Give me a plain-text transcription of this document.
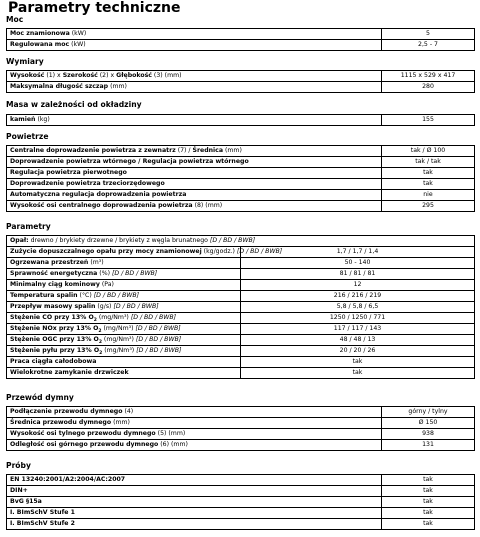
Parametry techniczne
Moc
Moc znamionowa (kW)	5
Regulowana moc (kW)	2,5 - 7
Wymiary
Wysokość (1) x Szerokość (2) x Głębokość (3) (mm)	1115 x 529 x 417
Maksymalna długość szczap (mm)	280
Masa w zależności od okładziny
kamień (kg)	155
Powietrze
Centralne doprowadzenie powietrza z zewnatrz (7) / Średnica (mm)	tak / Ø 100
Doprowadzenie powietrza wtórnego / Regulacja powietrza wtórnego	tak / tak
Regulacja powietrza pierwotnego	tak
Doprowadzenie powietrza trzeciorzędowego	tak
Automatyczna regulacja doprowadzenia powietrza	nie
Wysokość osi centralnego doprowadzenia powietrza (8) (mm)	295
Parametry
Opał: drewno / brykiety drzewne / brykiety z węgla brunatnego [D / BD / BWB]	
Zużycie dopuszczalnego opału przy mocy znamionowej (kg/godz.) [D / BD / BWB]	1,7 / 1,7 / 1,4
Ogrzewana przestrzeń (m³)	50 - 140
Sprawność energetyczna (%) [D / BD / BWB]	81 / 81 / 81
Minimalny ciąg kominowy (Pa)	12
Temperatura spalin (°C) [D / BD / BWB]	216 / 216 / 219
Przepływ masowy spalin (g/s) [D / BD / BWB]	5,8 / 5,8 / 6,5
Stężenie CO przy 13% $O_2$ (mg/Nm³) [D / BD / BWB]	1250 / 1250 / 771
Stężenie NOx przy 13% $O_2$ (mg/Nm³) [D / BD / BWB]	117 / 117 / 143
Stężenie OGC przy 13% $O_2$ (mg/Nm³) [D / BD / BWB]	48 / 48 / 13
Stężenie pyłu przy 13% $O_2$ (mg/Nm³) [D / BD / BWB]	20 / 20 / 26
Praca ciągła całodobowa	tak
Wielokrotne zamykanie drzwiczek	tak
Przewód dymny
Podłączenie przewodu dymnego (4)	górny / tylny
Średnica przewodu dymnego (mm)	Ø 150
Wysokość osi tylnego przewodu dymnego (5) (mm)	938
Odległość osi górnego przewodu dymnego (6) (mm)	131
Próby
EN 13240:2001/A2:2004/AC:2007	tak
DIN+	tak
BvG §15a	tak
I. BImSchV Stufe 1	tak
I. BImSchV Stufe 2	tak
